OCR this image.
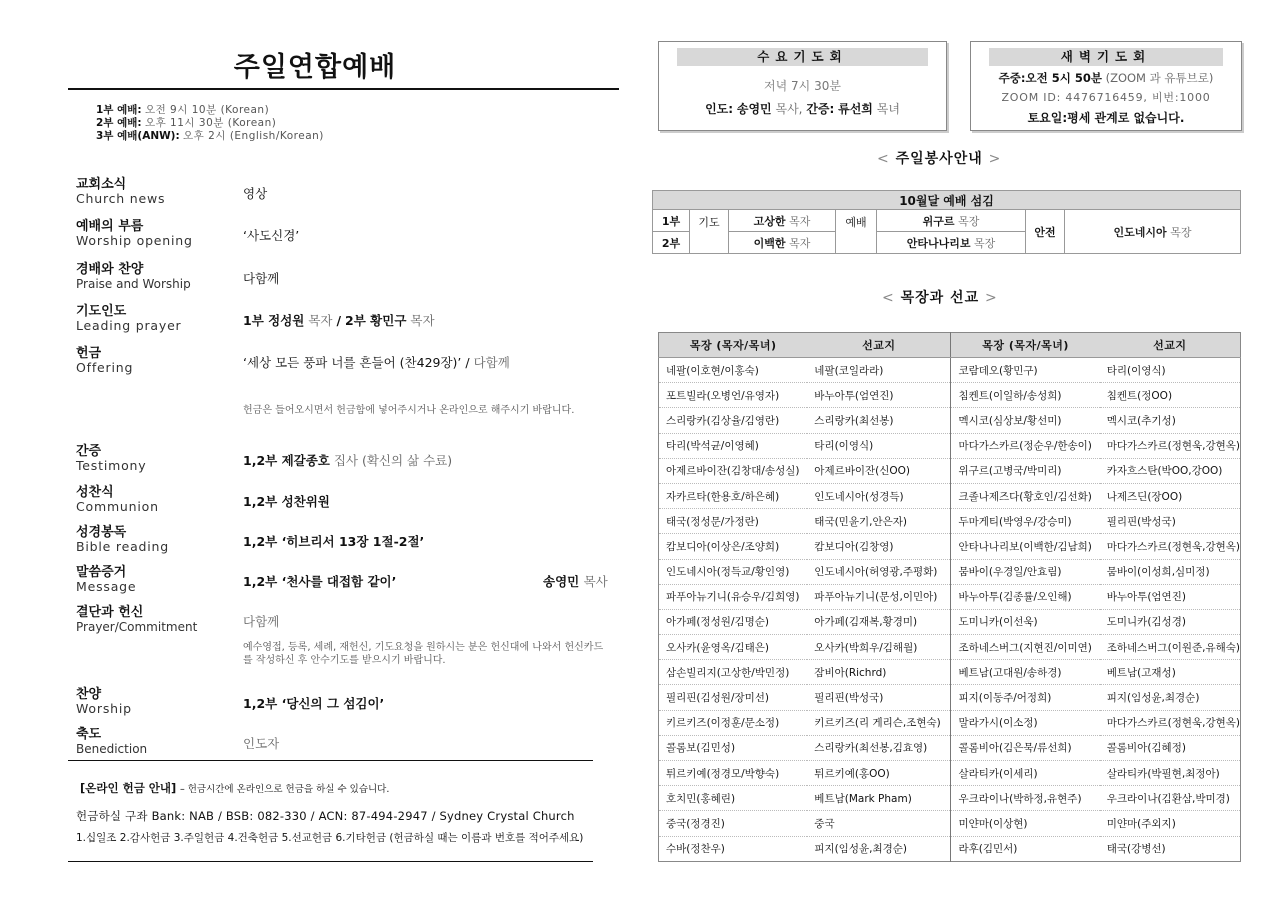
주일연합예배
1부 예배: 오전 9시 10분 (Korean)
2부 예배: 오후 11시 30분 (Korean)
3부 예배(ANW): 오후 2시 (English/Korean)
교회소식
Church news	영상
예배의 부름
Worship opening	‘사도신경’
경배와 찬양
Praise and Worship	다함께
기도인도
Leading prayer	1부 정성원 목자 / 2부 황민구 목자
헌금
Offering	‘세상 모든 풍파 너를 흔들어 (찬429장)’ / 다함께
헌금은 들어오시면서 헌금함에 넣어주시거나 온라인으로 해주시기 바랍니다.
간증
Testimony	1,2부 제갈종호 집사 (확신의 삶 수료)
성찬식
Communion	1,2부 성찬위원
성경봉독
Bible reading	1,2부 ‘히브리서 13장 1절-2절’
말씀증거
Message	1,2부 ‘천사를 대접함 같이’	송영민 목사
결단과 헌신
Prayer/Commitment	다함께
예수영접, 등록, 세례, 재헌신, 기도요청을 원하시는 분은 헌신대에 나와서 헌신카드를 작성하신 후 안수기도를 받으시기 바랍니다.
찬양
Worship	1,2부 ‘당신의 그 섬김이’
축도
Benediction	인도자
[온라인 헌금 안내] – 헌금시간에 온라인으로 헌금을 하실 수 있습니다.
헌금하실 구좌 Bank: NAB / BSB: 082-330 / ACN: 87-494-2947 / Sydney Crystal Church
1.십일조 2.감사헌금 3.주일헌금 4.건축헌금 5.선교헌금 6.기타헌금 (헌금하실 때는 이름과 번호를 적어주세요)
수요기도회
저녁 7시 30분
인도: 송영민 목사, 간증: 류선희 목녀
새벽기도회
주중:오전 5시 50분 (ZOOM 과 유튜브로)
ZOOM ID: 4476716459, 비번:1000
토요일:평세 관계로 없습니다.
< 주일봉사안내 >
10월달 예배 섬김						
1부	기도	고상한 목자	예배	위구르 목장	안전	인도네시아 목장
2부		이백한 목자		안타나나리보 목장		
< 목장과 선교 >
목장 (목자/목녀)	선교지	목장 (목자/목녀)	선교지
네팔(이호현/이홍숙)	네팔(코일라라)	코람데오(황민구)	타리(이영식)
포트빌라(오병언/유영자)	바누아투(엄연진)	침켄트(이일하/송성희)	침켄트(정OO)
스리랑카(김상율/김영란)	스리랑카(최선봉)	멕시코(심상보/황선미)	멕시코(추기성)
타리(박석균/이영혜)	타리(이영식)	마다가스카르(정순우/한송이)	마다가스카르(정현욱,강현옥)
아제르바이잔(김창대/송성실)	아제르바이잔(신OO)	위구르(고병국/박미리)	카자흐스탄(박OO,강OO)
자카르타(한용호/하은혜)	인도네시아(성경득)	크졸나제즈다(황호인/김선화)	나제즈딘(장OO)
태국(정성문/가정란)	태국(민윤기,안은자)	두마게티(박영우/강승미)	필리핀(박성국)
캄보디아(이상은/조양희)	캄보디아(김창영)	안타나나리보(이백한/김남희)	마다가스카르(정현욱,강현옥)
인도네시아(정득교/황인영)	인도네시아(허영광,주평화)	뭄바이(우경일/안효림)	뭄바이(이성희,심미정)
파푸아뉴기니(유승우/김희영)	파푸아뉴기니(문성,이민아)	바누아투(김종률/오인해)	바누아투(엄연진)
아가페(정성원/김명순)	아가페(김재복,황경미)	도미니카(이선욱)	도미니카(김성경)
오사카(윤영옥/김태은)	오사카(박희우/김해월)	조하네스버그(지현진/이미연)	조하네스버그(이원준,유해숙)
삼손빌리지(고상한/박민정)	잠비아(Richrd)	베트남(고대원/송하경)	베트남(고재성)
필리핀(김성원/장미선)	필리핀(박성국)	피지(이동주/어정희)	피지(임성윤,최경순)
키르키즈(이정훈/문소정)	키르키즈(리 게리슨,조현숙)	말라가시(이소정)	마다가스카르(정현욱,강현옥)
콜롬보(김민성)	스리랑카(최선봉,김효영)	콜롬비아(김은묵/류선희)	콜롬비아(김혜정)
튀르키예(정경모/박향숙)	튀르키예(홍OO)	살라티카(이세리)	살라티카(박필현,최정아)
호치민(홍혜린)	베트남(Mark Pham)	우크라이나(박하정,유현주)	우크라이나(김환삼,박미경)
중국(정경진)	중국	미얀마(이상현)	미얀마(주외지)
수바(정찬우)	피지(임성윤,최경순)	라후(김민서)	태국(강병선)
